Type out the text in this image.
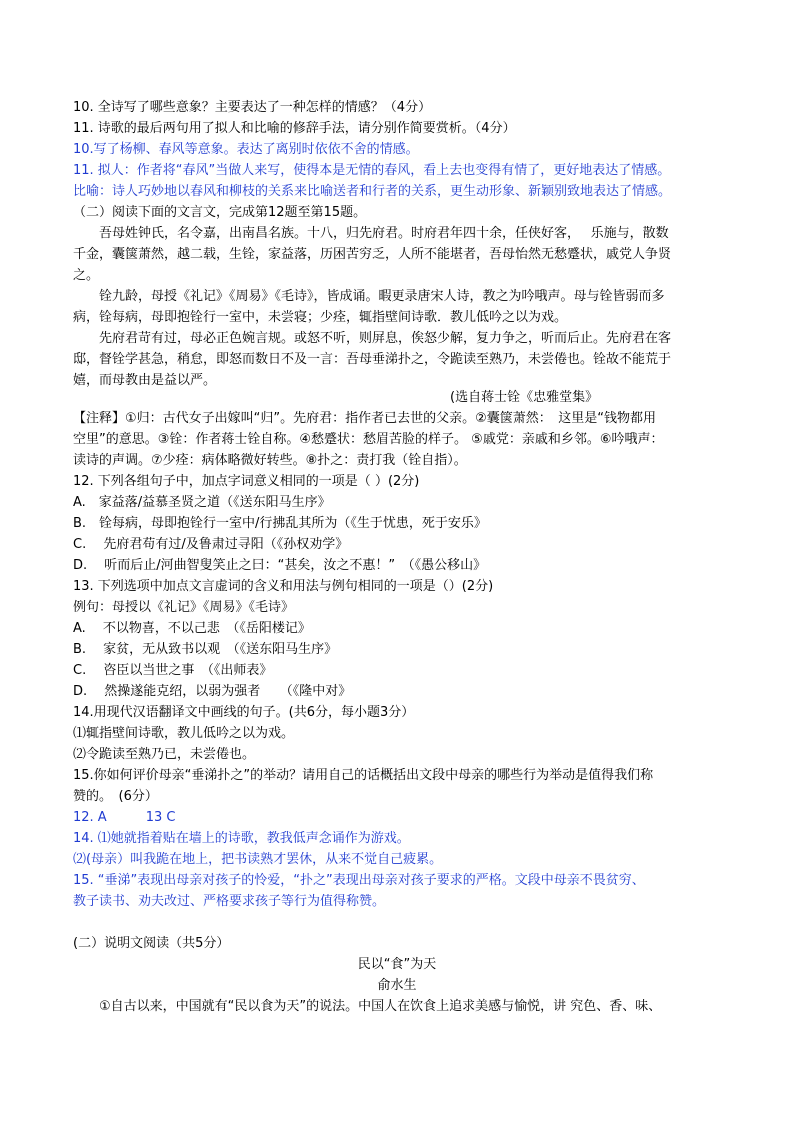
10. 全诗写了哪些意象？主要表达了一种怎样的情感？（4分）
11. 诗歌的最后两句用了拟人和比喻的修辞手法，请分别作简要赏析。（4分）
10.写了杨柳、春风等意象。表达了离别时依依不舍的情感。
11. 拟人：作者将“春风”当做人来写，使得本是无情的春风，看上去也变得有情了，更好地表达了情感。
比喻：诗人巧妙地以春风和柳枝的关系来比喻送者和行者的关系，更生动形象、新颖别致地表达了情感。
（二）阅读下面的文言文，完成第12题至第15题。
吾母姓钟氏，名令嘉，出南昌名族。十八，归先府君。时府君年四十余，任侠好客，　 乐施与，散数
千金，囊箧萧然，越二载，生铨，家益落，历困苦穷乏，人所不能堪者，吾母怡然无愁蹙状，戚党人争贤
之。
铨九龄，母授《礼记》《周易》《毛诗》，皆成诵。暇更录唐宋人诗，教之为吟哦声。母与铨皆弱而多
病，铨每病，母即抱铨行一室中，未尝寝；少痊，辄指壁间诗歌．教儿低吟之以为戏。
先府君苛有过，母必正色婉言规。或怒不听，则屏息，俟怒少解，复力争之，听而后止。先府君在客
邸，督铨学甚急，稍怠，即怒而数日不及一言：吾母垂涕扑之，令跪读至熟乃，未尝倦也。铨故不能荒于
嬉，而母教由是益以严。
(选自蒋士铨《忠雅堂集》
【注释】①归：古代女子出嫁叫“归”。先府君：指作者已去世的父亲。②囊箧萧然：　这里是“钱物都用
空里”的意思。③铨：作者蒋士铨自称。④愁蹙状：愁眉苦脸的样子。 ⑤戚党：亲戚和乡邻。⑥吟哦声：
读诗的声调。⑦少痊：病体略微好转些。⑧扑之：责打我（铨自指）。
12. 下列各组句子中，加点字词意义相同的一项是（ ）(2分)
A.　家益落/益慕圣贤之道（《送东阳马生序》
B.　铨每病，母即抱铨行一室中/行拂乱其所为（《生于忧患，死于安乐》
C.　 先府君苟有过/及鲁肃过寻阳（《孙权劝学》
D.　 听而后止/河曲智叟笑止之曰：“甚矣，汝之不惠！”　（《愚公移山》
13. 下列选项中加点文言虚词的含义和用法与例句相同的一项是（）(2分)
例句：母授以《礼记》《周易》《毛诗》
A.　 不以物喜，不以己悲　（《岳阳楼记》
B.　 家贫，无从致书以观　（《送东阳马生序》
C.　 咨臣以当世之事　（《出师表》
D.　 然操遂能克绍，以弱为强者　　（《隆中对》
14.用现代汉语翻译文中画线的句子。(共6分，每小题3分）
⑴辄指壁间诗歌，教儿低吟之以为戏。
⑵令跪读至熟乃已，未尝倦也。
15.你如何评价母亲“垂涕扑之”的举动？请用自己的话概括出文段中母亲的哪些行为举动是值得我们称
赞的。　(6分）
12. A　　　13 C
14. ⑴她就指着贴在墙上的诗歌，教我低声念诵作为游戏。
⑵(母亲）叫我跪在地上，把书读熟才罢休，从来不觉自己疲累。
15. “垂涕”表现出母亲对孩子的怜爱，“扑之”表现出母亲对孩子要求的严格。文段中母亲不畏贫穷、
教子读书、劝夫改过、严格要求孩子等行为值得称赞。
(二）说明文阅读（共5分）
民以“食”为天
俞水生
①自古以来，中国就有“民以食为天”的说法。中国人在饮食上追求美感与愉悦，讲 究色、香、味、
